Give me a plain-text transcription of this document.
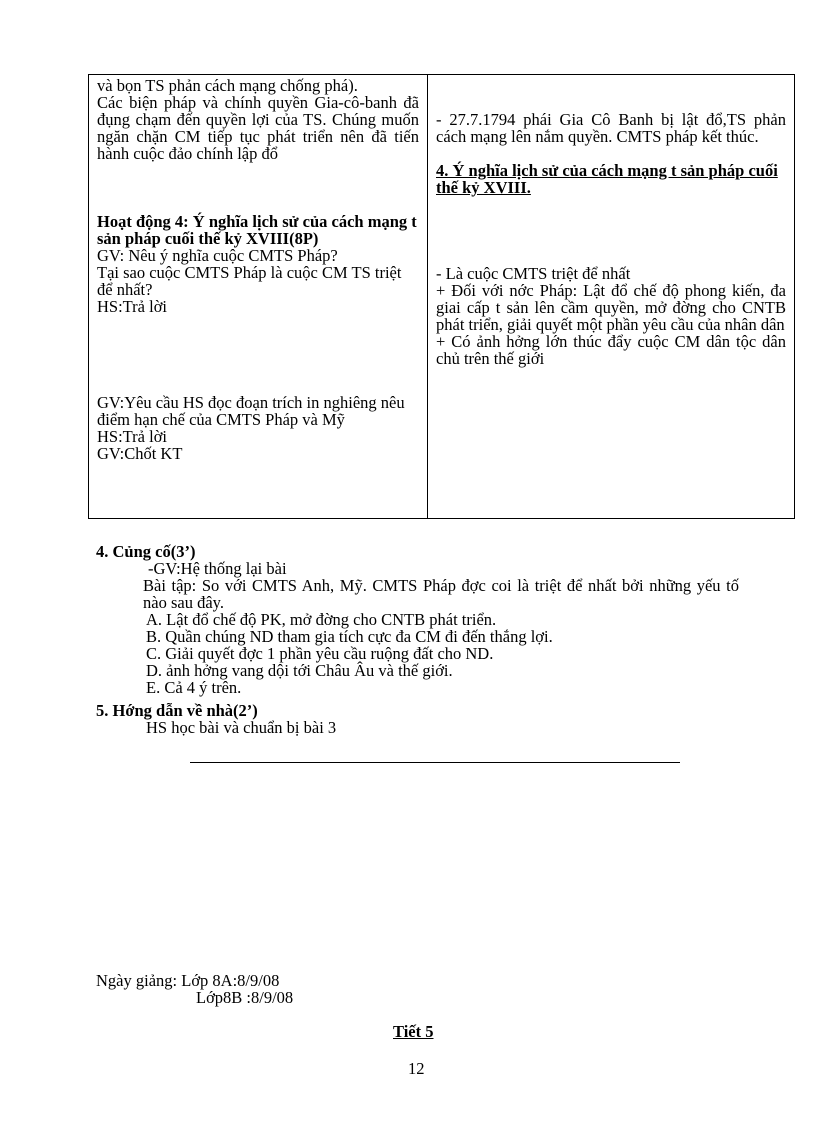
và bọn TS phản cách mạng chống phá).
Các biện pháp và chính quyền Gia-cô-banh đã đụng chạm đến quyền lợi của TS. Chúng muốn ngăn chặn CM tiếp tục phát triển nên đã tiến hành cuộc đảo chính lập đổ
Hoạt động 4: Ý nghĩa lịch sử của cách mạng t sản pháp cuối thế kỷ XVIII(8P)
GV: Nêu ý nghĩa cuộc CMTS Pháp?
Tại sao cuộc CMTS Pháp là cuộc CM TS triệt để nhất?
HS:Trả lời
GV:Yêu cầu HS đọc đoạn trích in nghiêng nêu điểm hạn chế của CMTS Pháp và Mỹ
HS:Trả lời
GV:Chốt KT

- 27.7.1794 phái Gia Cô Banh bị lật đổ,TS phản cách mạng lên nắm quyền. CMTS pháp kết thúc.
4. Ý nghĩa lịch sử của cách mạng t sản pháp cuối thế kỷ XVIII.
- Là cuộc CMTS triệt để nhất
+ Đối với nớc Pháp: Lật đổ chế độ phong kiến, đa giai cấp t sản lên cầm quyền, mở đờng cho CNTB phát triển, giải quyết một phần yêu cầu của nhân dân
+ Có ảnh hởng lớn thúc đẩy cuộc CM dân tộc dân chủ trên thế giới
4. Củng cố(3’)
-GV:Hệ thống lại bài
Bài tập: So với CMTS Anh, Mỹ. CMTS Pháp đợc coi là triệt để nhất bởi những yếu tố nào sau đây.
A. Lật đổ chế độ PK, mở đờng cho CNTB phát triển.
B. Quần chúng ND tham gia tích cực đa CM đi đến thắng lợi.
C. Giải quyết đợc 1 phần yêu cầu ruộng đất cho ND.
D. ảnh hởng vang dội tới Châu Âu và thế giới.
E. Cả 4 ý trên.
5. Hớng dẫn về nhà(2’)
HS học bài và chuẩn bị bài 3
Ngày giảng: Lớp 8A:8/9/08
Lớp8B :8/9/08
Tiết 5
12
